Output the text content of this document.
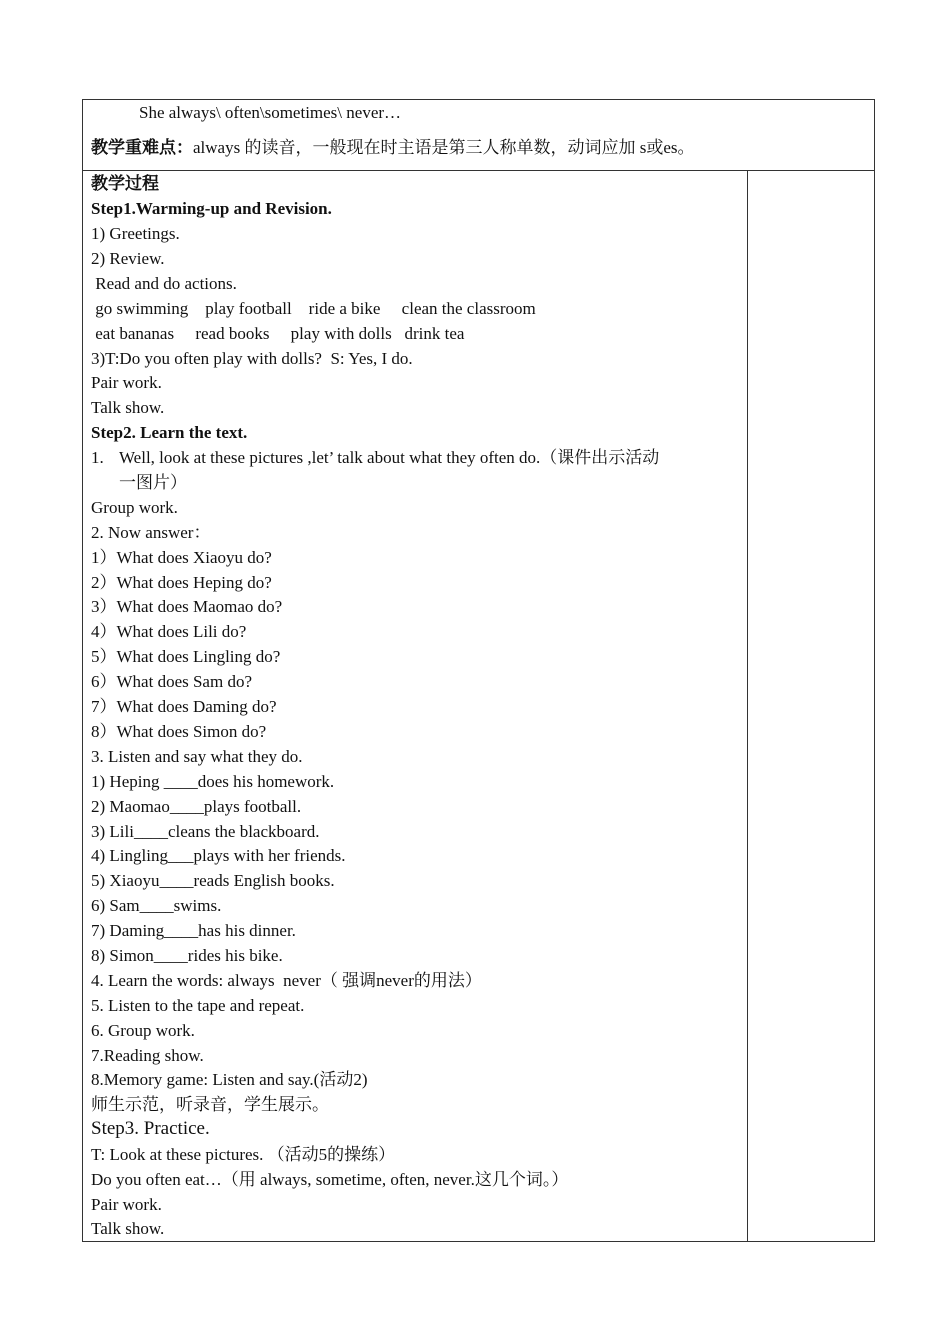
She always\ often\sometimes\ never…
教学重难点：always 的读音，一般现在时主语是第三人称单数，动词应加 s或es。
教学过程
Step1.Warming-up and Revision.
1) Greetings.
2) Review.
Read and do actions.
go swimming    play football    ride a bike     clean the classroom
eat bananas     read books     play with dolls   drink tea
3)T:Do you often play with dolls?  S: Yes, I do.
Pair work.
Talk show.
Step2. Learn the text.
1. Well, look at these pictures ,let’ talk about what they often do.（课件出示活动
一图片）
Group work.
2. Now answer：
1）What does Xiaoyu do?
2）What does Heping do?
3）What does Maomao do?
4）What does Lili do?
5）What does Lingling do?
6）What does Sam do?
7）What does Daming do?
8）What does Simon do?
3. Listen and say what they do.
1) Heping ____does his homework.
2) Maomao____plays football.
3) Lili____cleans the blackboard.
4) Lingling___plays with her friends.
5) Xiaoyu____reads English books.
6) Sam____swims.
7) Daming____has his dinner.
8) Simon____rides his bike.
4. Learn the words: always  never（ 强调never的用法）
5. Listen to the tape and repeat.
6. Group work.
7.Reading show.
8.Memory game: Listen and say.(活动2)
师生示范，听录音，学生展示。
Step3. Practice.
T: Look at these pictures. （活动5的操练）
Do you often eat…（用 always, sometime, often, never.这几个词。）
Pair work.
Talk show.
